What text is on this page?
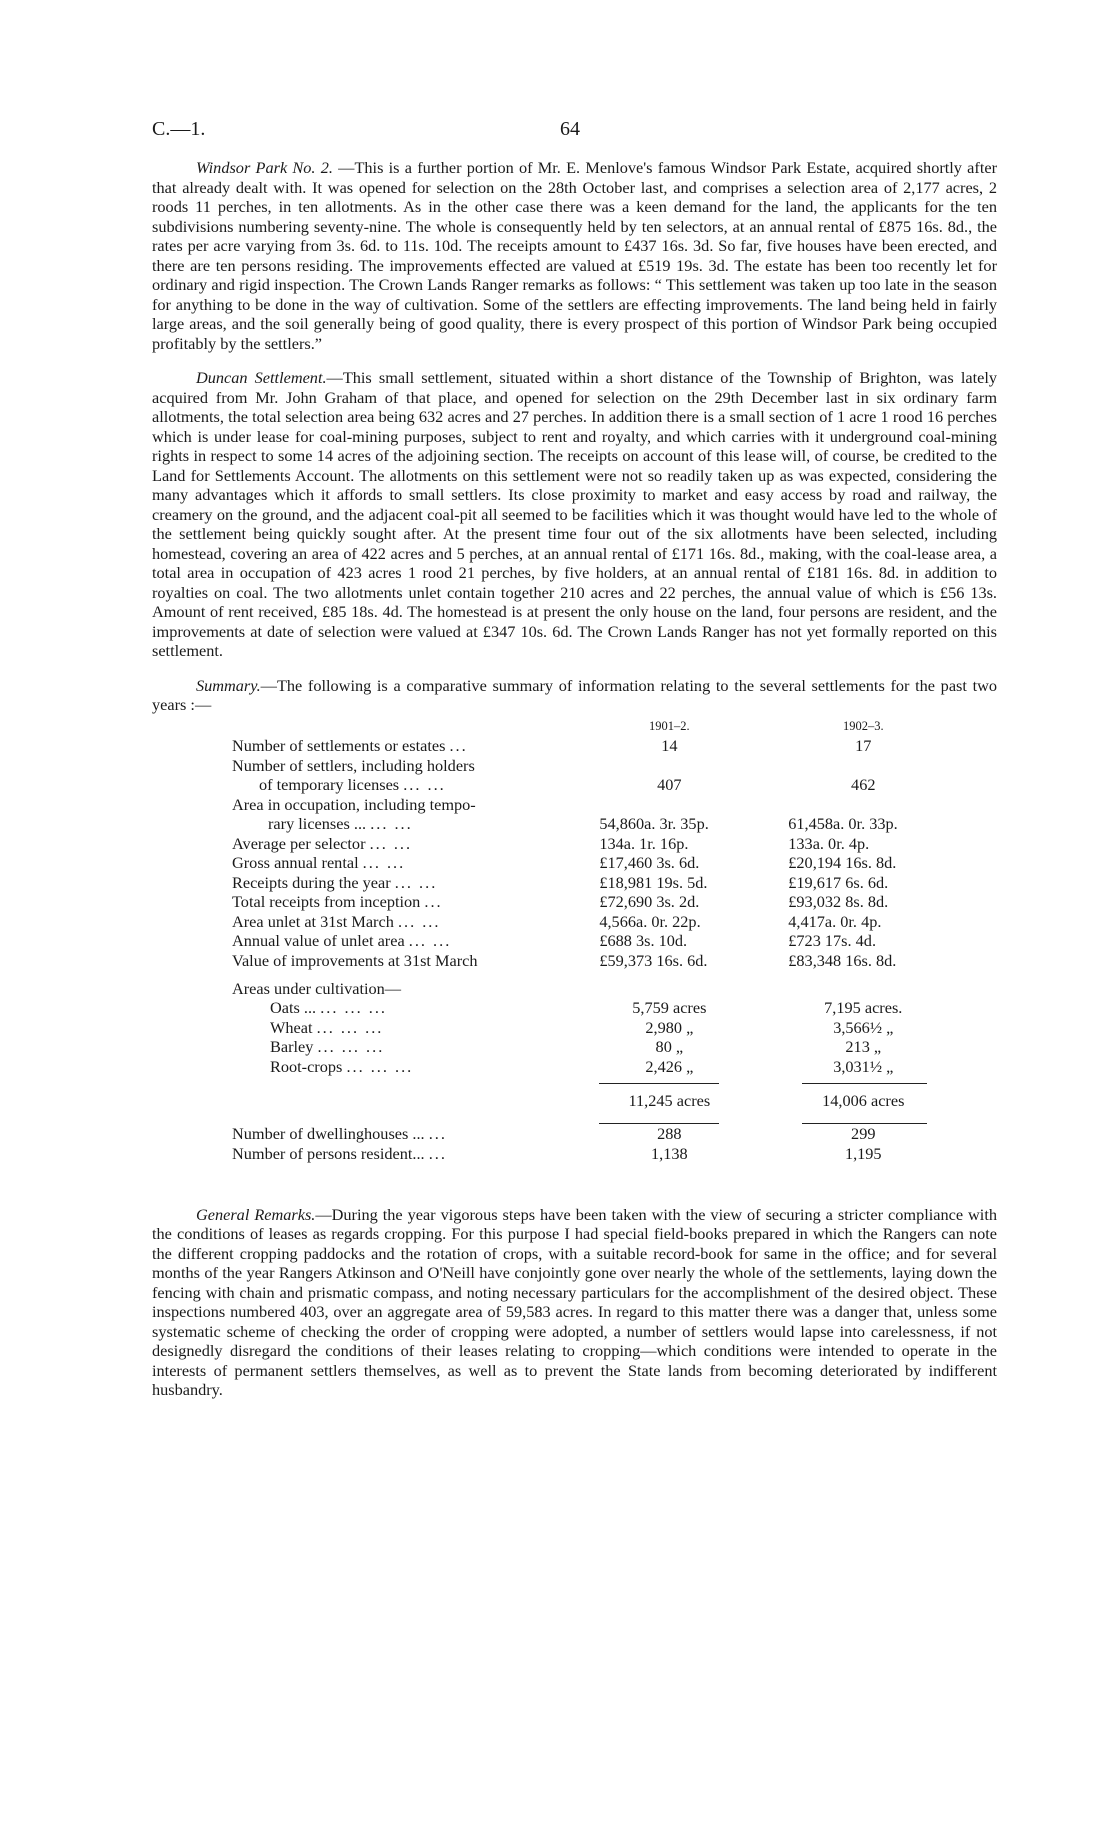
C.—1.	64

Windsor Park No. 2. —This is a further portion of Mr. E. Menlove's famous Windsor Park Estate, acquired shortly after that already dealt with. It was opened for selection on the 28th October last, and comprises a selection area of 2,177 acres, 2 roods 11 perches, in ten allotments. As in the other case there was a keen demand for the land, the applicants for the ten subdivisions numbering seventy-nine. The whole is consequently held by ten selectors, at an annual rental of £875 16s. 8d., the rates per acre varying from 3s. 6d. to 11s. 10d. The receipts amount to £437 16s. 3d. So far, five houses have been erected, and there are ten persons residing. The improvements effected are valued at £519 19s. 3d. The estate has been too recently let for ordinary and rigid inspection. The Crown Lands Ranger remarks as follows: “ This settlement was taken up too late in the season for anything to be done in the way of cultivation. Some of the settlers are effecting improvements. The land being held in fairly large areas, and the soil generally being of good quality, there is every prospect of this portion of Windsor Park being occupied profitably by the settlers.”

Duncan Settlement.—This small settlement, situated within a short distance of the Township of Brighton, was lately acquired from Mr. John Graham of that place, and opened for selection on the 29th December last in six ordinary farm allotments, the total selection area being 632 acres and 27 perches. In addition there is a small section of 1 acre 1 rood 16 perches which is under lease for coal-mining purposes, subject to rent and royalty, and which carries with it underground coal-mining rights in respect to some 14 acres of the adjoining section. The receipts on account of this lease will, of course, be credited to the Land for Settlements Account. The allotments on this settlement were not so readily taken up as was expected, considering the many advantages which it affords to small settlers. Its close proximity to market and easy access by road and railway, the creamery on the ground, and the adjacent coal-pit all seemed to be facilities which it was thought would have led to the whole of the settlement being quickly sought after. At the present time four out of the six allotments have been selected, including homestead, covering an area of 422 acres and 5 perches, at an annual rental of £171 16s. 8d., making, with the coal-lease area, a total area in occupation of 423 acres 1 rood 21 perches, by five holders, at an annual rental of £181 16s. 8d. in addition to royalties on coal. The two allotments unlet contain together 210 acres and 22 perches, the annual value of which is £56 13s. Amount of rent received, £85 18s. 4d. The homestead is at present the only house on the land, four persons are resident, and the improvements at date of selection were valued at £347 10s. 6d. The Crown Lands Ranger has not yet formally reported on this settlement.

Summary.—The following is a comparative summary of information relating to the several settlements for the past two years :—

	1901–2.	1902–3.

Number of settlements or estates ...	14	17

Number of settlers, including holders		
of temporary licenses ... ...	407	462

Area in occupation, including tempo-		
rary licenses ... ... ...	54,860a. 3r. 35p.	61,458a. 0r. 33p.

Average per selector ... ...	134a. 1r. 16p.	133a. 0r. 4p.

Gross annual rental ... ...	£17,460 3s. 6d.	£20,194 16s. 8d.

Receipts during the year ... ...	£18,981 19s. 5d.	£19,617 6s. 6d.

Total receipts from inception ...	£72,690 3s. 2d.	£93,032 8s. 8d.

Area unlet at 31st March ... ...	4,566a. 0r. 22p.	4,417a. 0r. 4p.

Annual value of unlet area ... ...	£688 3s. 10d.	£723 17s. 4d.

Value of improvements at 31st March	£59,373 16s. 6d.	£83,348 16s. 8d.

Areas under cultivation—		
Oats ... ... ... ...	5,759 acres	7,195 acres.

Wheat ... ... ...	2,980 „	3,566½ „

Barley ... ... ...	80 „	213 „

Root-crops ... ... ...	2,426 „	3,031½ „

	11,245 acres	14,006 acres

Number of dwellinghouses ... ...	288	299

Number of persons resident... ...	1,138	1,195

General Remarks.—During the year vigorous steps have been taken with the view of securing a stricter compliance with the conditions of leases as regards cropping. For this purpose I had special field-books prepared in which the Rangers can note the different cropping paddocks and the rotation of crops, with a suitable record-book for same in the office; and for several months of the year Rangers Atkinson and O'Neill have conjointly gone over nearly the whole of the settlements, laying down the fencing with chain and prismatic compass, and noting necessary particulars for the accomplishment of the desired object. These inspections numbered 403, over an aggregate area of 59,583 acres. In regard to this matter there was a danger that, unless some systematic scheme of checking the order of cropping were adopted, a number of settlers would lapse into carelessness, if not designedly disregard the conditions of their leases relating to cropping—which conditions were intended to operate in the interests of permanent settlers themselves, as well as to prevent the State lands from becoming deteriorated by indifferent husbandry.
